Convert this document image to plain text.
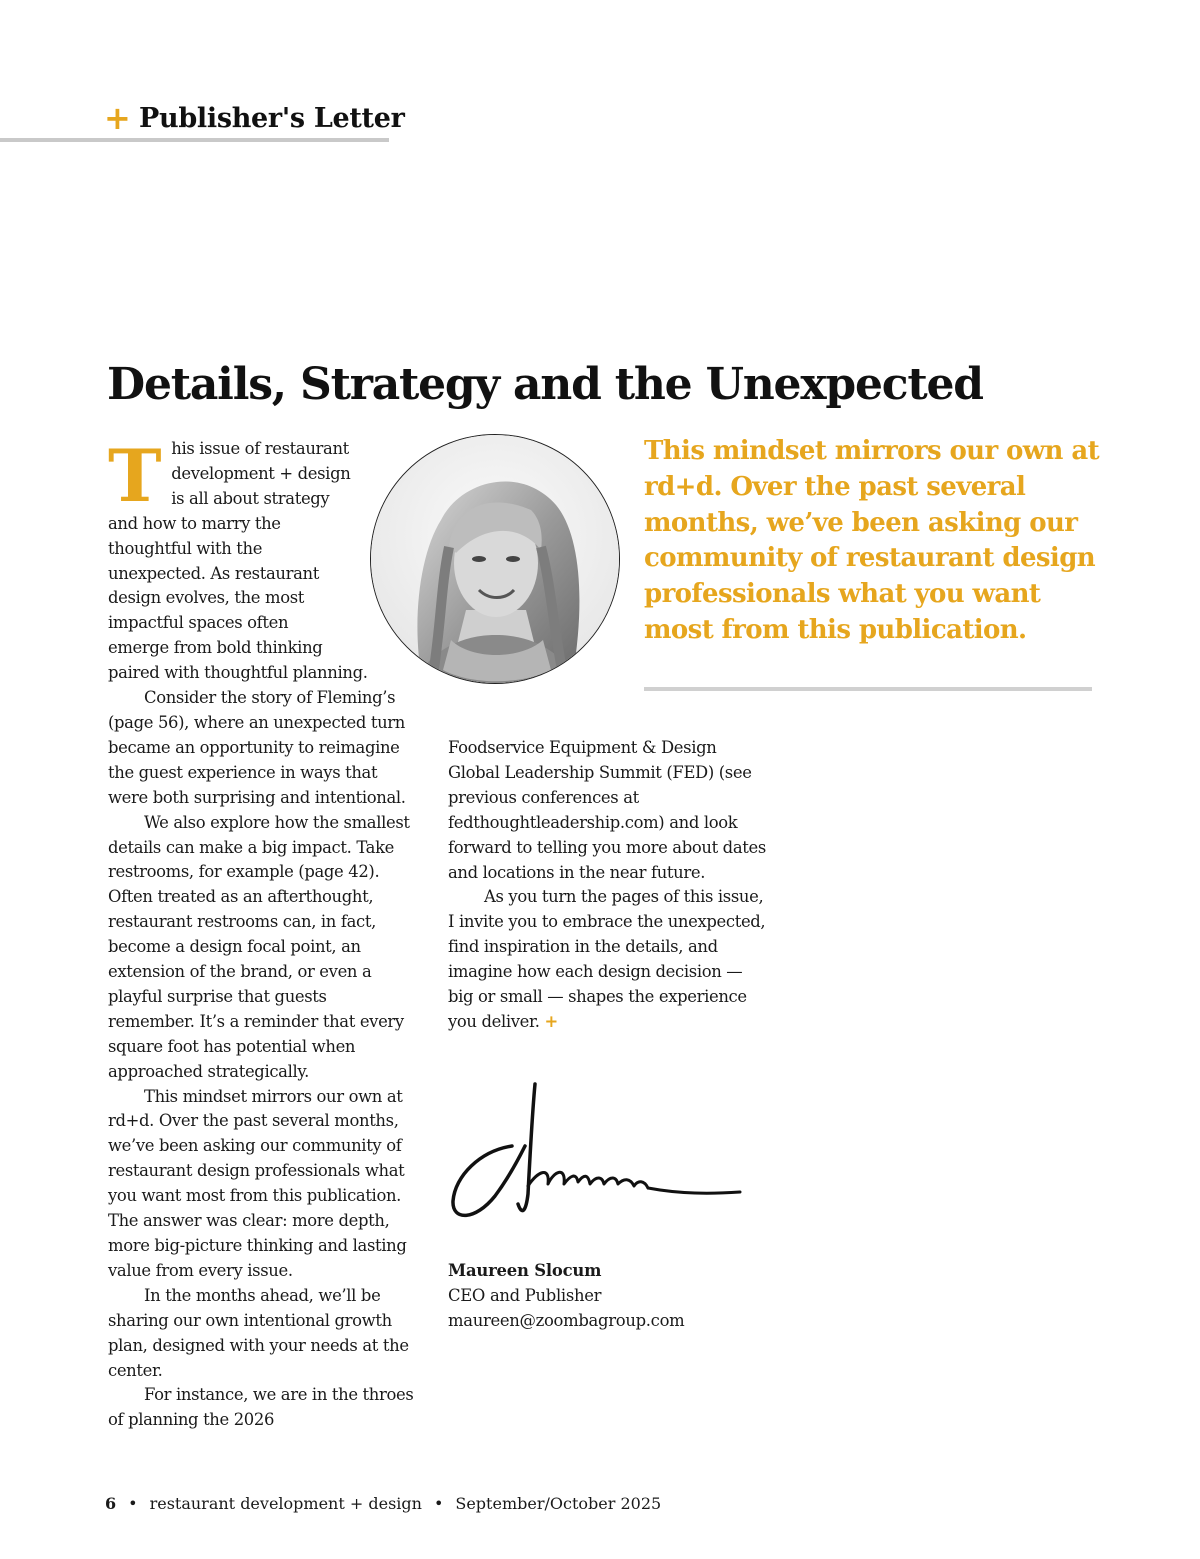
+ Publisher's Letter
Details, Strategy and the Unexpected

T his issue of restaurant
development + design
is all about strategy
and how to marry the
thoughtful with the
unexpected. As restaurant
design evolves, the most
impactful spaces often
emerge from bold thinking
paired with thoughtful planning.

Consider the story of Fleming’s (page 56), where an unexpected turn became an opportunity to reimagine the guest experience in ways that were both surprising and intentional.

We also explore how the smallest details can make a big impact. Take restrooms, for example (page 42). Often treated as an afterthought, restaurant restrooms can, in fact, become a design focal point, an extension of the brand, or even a playful surprise that guests remember. It’s a reminder that every square foot has potential when approached strategically.

This mindset mirrors our own at rd+d. Over the past several months, we’ve been asking our community of restaurant design professionals what you want most from this publication. The answer was clear: more depth, more big-picture thinking and lasting value from every issue.

In the months ahead, we’ll be sharing our own intentional growth plan, designed with your needs at the center.

For instance, we are in the throes of planning the 2026

This mindset mirrors our own at rd+d. Over the past several months, we’ve been asking our community of restaurant design professionals what you want most from this publication.

Foodservice Equipment & Design Global Leadership Summit (FED) (see previous conferences at fedthoughtleadership.com) and look forward to telling you more about dates and locations in the near future.

As you turn the pages of this issue, I invite you to embrace the unexpected, find inspiration in the details, and imagine how each design decision — big or small — shapes the experience you deliver. +

Maureen Slocum
CEO and Publisher
maureen@zoombagroup.com
6 • restaurant development + design • September/October 2025
